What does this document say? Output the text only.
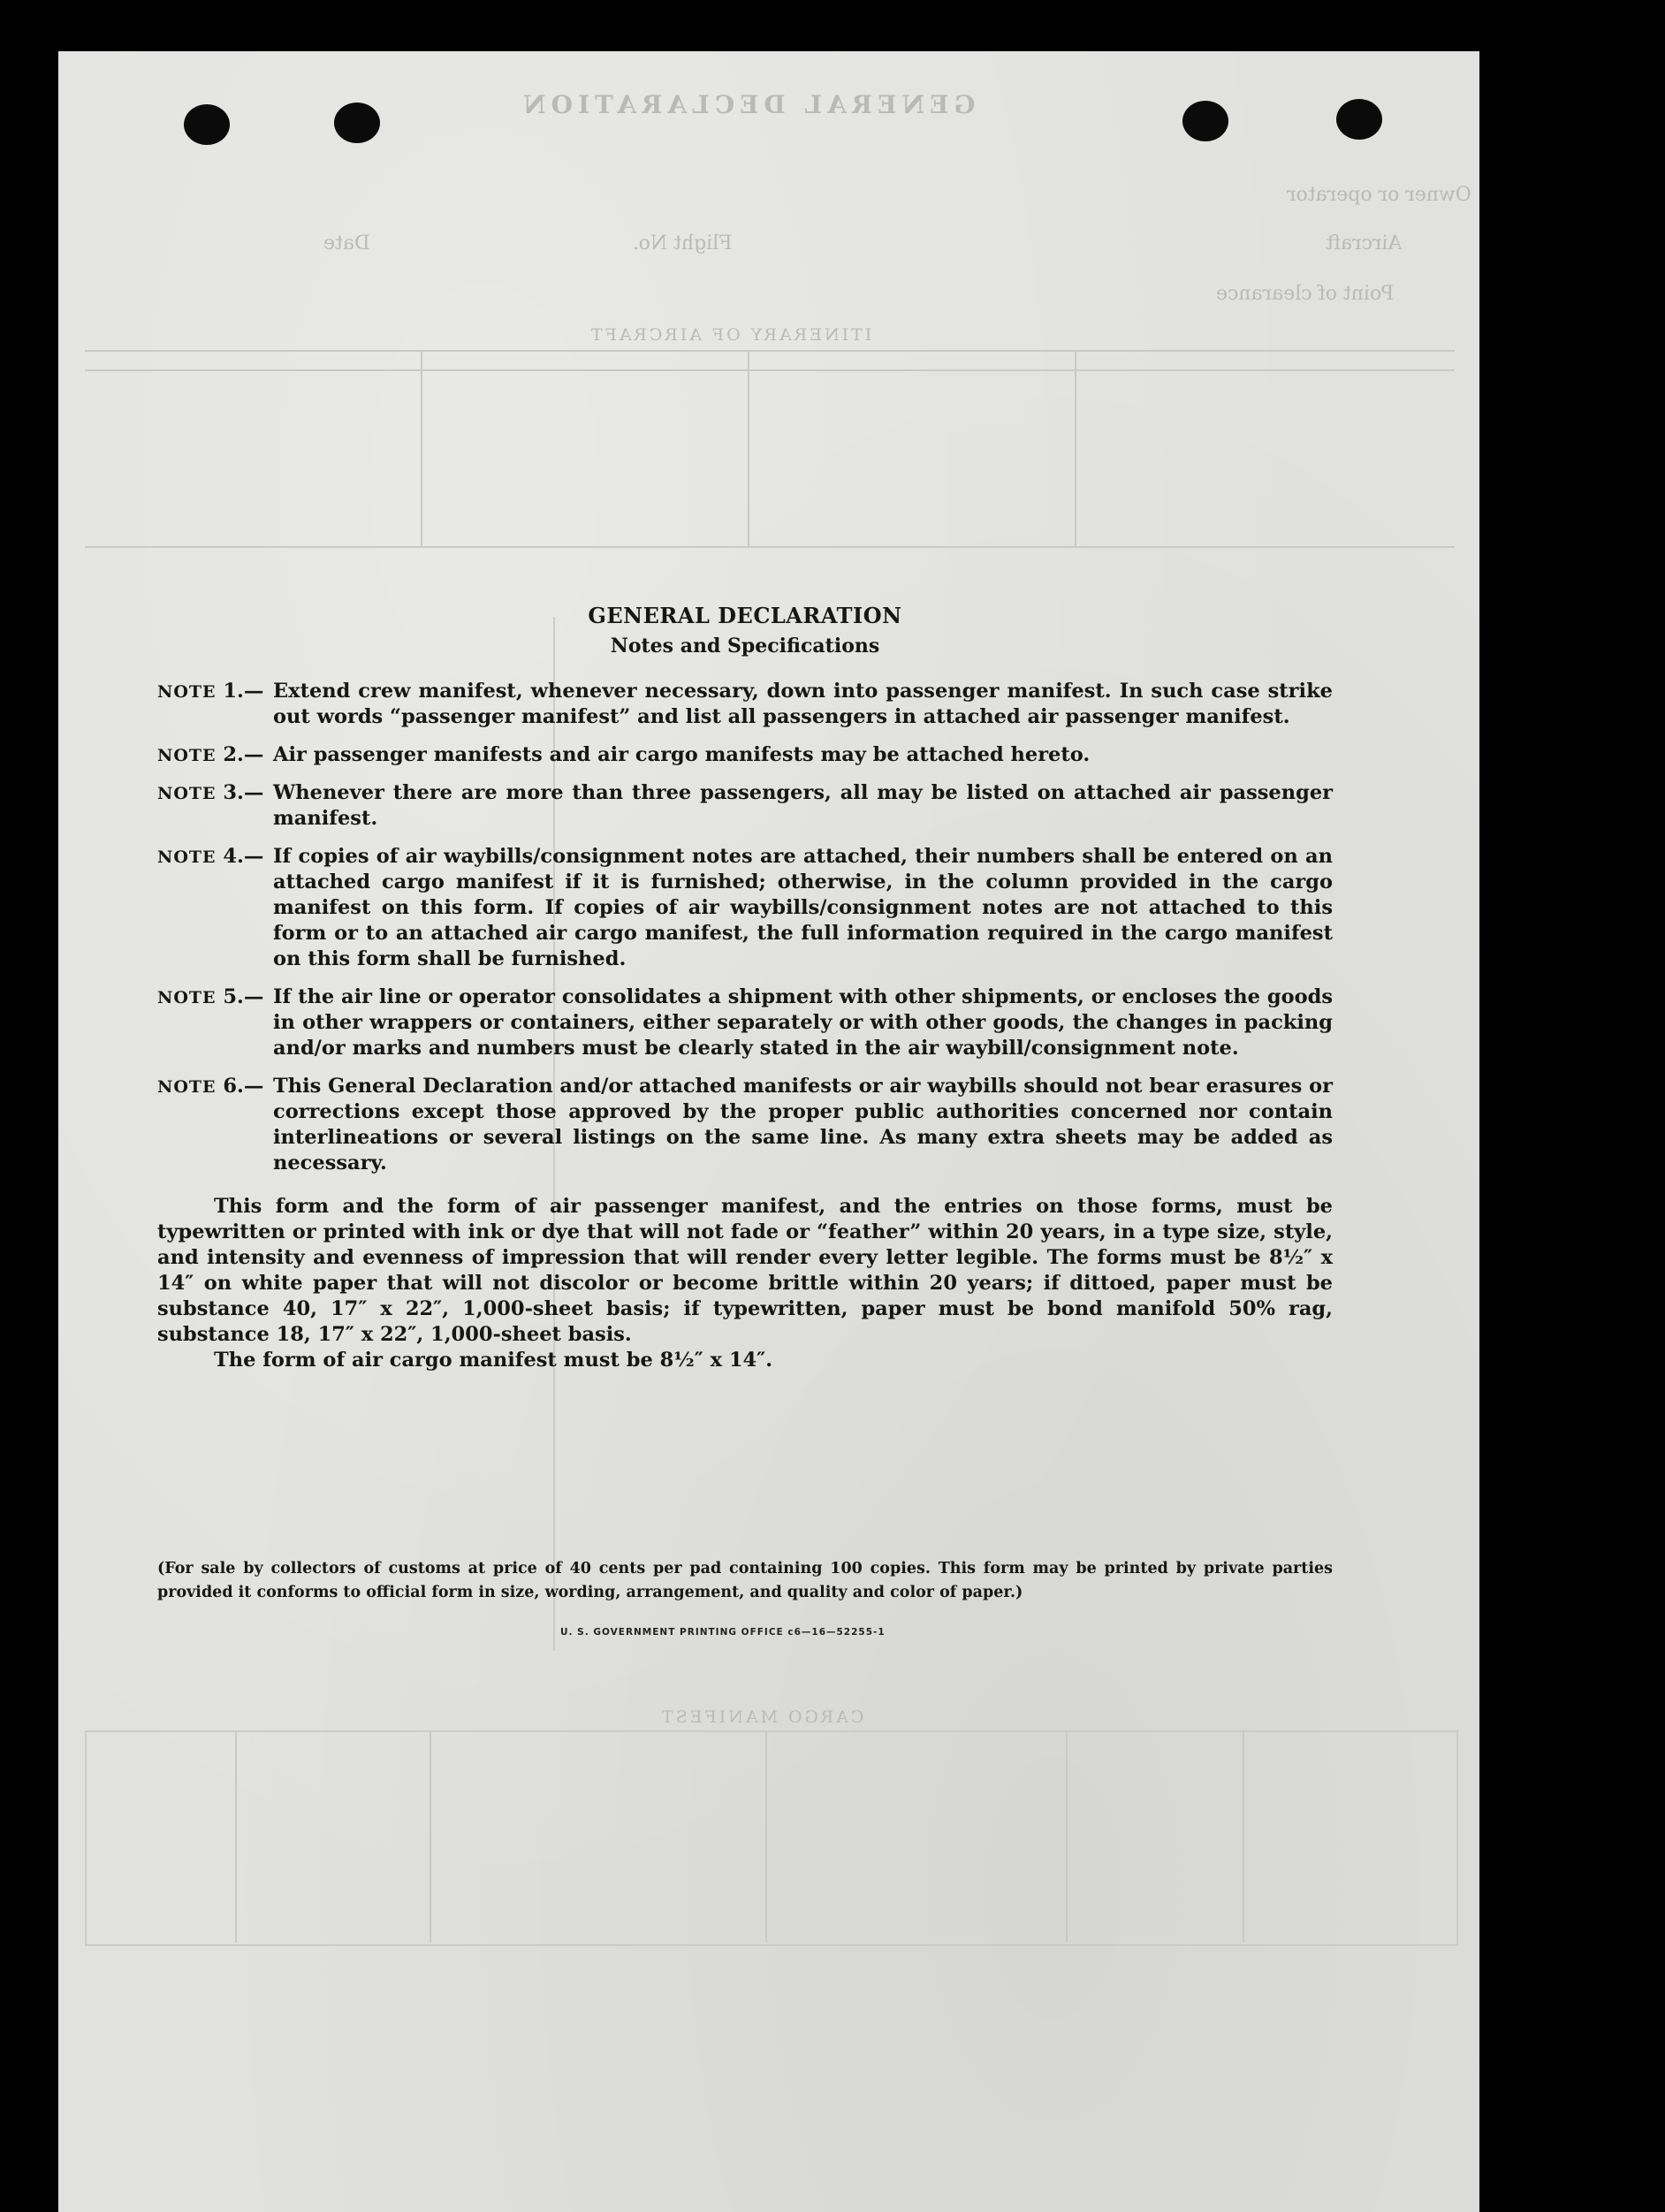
GENERAL DECLARATION
Owner or operator
Aircraft
Flight No.
Date
Point of clearance
ITINERARY OF AIRCRAFT
CARGO MANIFEST
GENERAL DECLARATION
Notes and Specifications
NOTE 1.— Extend crew manifest, whenever necessary, down into passenger manifest. In such case strike out words “passenger manifest” and list all passengers in attached air passenger manifest.
NOTE 2.— Air passenger manifests and air cargo manifests may be attached hereto.
NOTE 3.— Whenever there are more than three passengers, all may be listed on attached air passenger manifest.
NOTE 4.— If copies of air waybills/consignment notes are attached, their numbers shall be entered on an attached cargo manifest if it is furnished; otherwise, in the column provided in the cargo manifest on this form. If copies of air waybills/consignment notes are not attached to this form or to an attached air cargo manifest, the full information required in the cargo manifest on this form shall be furnished.
NOTE 5.— If the air line or operator consolidates a shipment with other shipments, or encloses the goods in other wrappers or containers, either separately or with other goods, the changes in packing and/or marks and numbers must be clearly stated in the air waybill/consignment note.
NOTE 6.— This General Declaration and/or attached manifests or air waybills should not bear erasures or corrections except those approved by the proper public authorities concerned nor contain interlineations or several listings on the same line. As many extra sheets may be added as necessary.
This form and the form of air passenger manifest, and the entries on those forms, must be typewritten or printed with ink or dye that will not fade or “feather” within 20 years, in a type size, style, and intensity and evenness of impression that will render every letter legible. The forms must be 8½″ x 14″ on white paper that will not discolor or become brittle within 20 years; if dittoed, paper must be substance 40, 17″ x 22″, 1,000-sheet basis; if typewritten, paper must be bond manifold 50% rag, substance 18, 17″ x 22″, 1,000-sheet basis.
The form of air cargo manifest must be 8½″ x 14″.
(For sale by collectors of customs at price of 40 cents per pad containing 100 copies. This form may be printed by private parties provided it conforms to official form in size, wording, arrangement, and quality and color of paper.)
U. S. GOVERNMENT PRINTING OFFICE c6—16—52255-1
